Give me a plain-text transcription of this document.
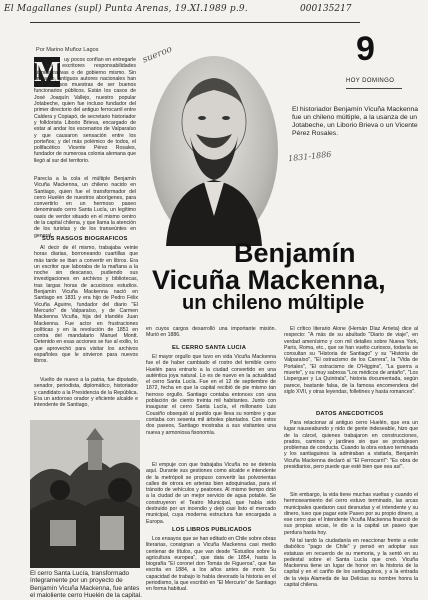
El Magallanes (supl) Punta Arenas, 19.XI.1989 p.9.	000135217
Por Marino Muñoz Lagos	9
HOY DOMINGO
M uy pocos confían en entregarle a los escritores responsabilidades administrativas o de gobierno mismo. Sin embargo, antiguos autores nacionales han sido famosos muestras de ser buenos funcionarios públicos. Están los casos de José Joaquín Vallejo, nuestro popular Jotabeche, quien fue incluso fundador del primer directorio del antiguo ferrocarril entre Caldera y Copiapó, de secretario historiador y folklorista Liborio Brieva, encargado de estar al andar los escenarios de Valparaíso y que causaron sensación entre los porteños; y del más polémico de todos, el polifacético Vicente Pérez Rosales, fundador de numerosa colonia alemana que llegó al sur del territorio.
Parecía a la cola el múltiple Benjamín Vicuña Mackenna, un chileno nacido en Santiago, quien fue el transformador del cerro Huelén de nuestros aborígenes, para convertirlo en un hermoso paseo denominado cerro Santa Lucía, un legítimo oasis de verdor situado en el mismo centro de la capital chilena, y que llama la atención de los turistas y de los transeúntes en general.
sueroo
1831-1886
El historiador Benjamín Vicuña Mackenna fue un chileno múltiple, a la usanza de un Jotabeche, un Liborio Brieva o un Vicente Pérez Rosales.
Benjamín
Vicuña Mackenna,
un chileno múltiple
SUS RASGOS BIOGRAFICOS
Al decir de él mismo, trabajaba veinte horas diarias, borroneando cuartillas que más tarde se iban a convertir en libros. Era un escritor que laboraba de la mañana a la noche sin descanso, pudiendo sus investigaciones en archivos y bibliotecas, tras largas horas de acuciosos estudios. Benjamín Vicuña Mackenna nació en Santiago en 1831 y era hijo de Pedro Félix Vicuña Aguirre, fundador del diario "El Mercurio" de Valparaíso, y de Carmen Mackenna Vicuña, hija del irlandés Juan Mackenna. Fue actor en frustraciones políticas y en la revolución de 1851 en contra del mandatario Manuel Montt. Detenido en esas acciones se fue al exilio, lo que aprovechó para visitar los archivos españoles que le sirvieron para nuevos libros.
Vuelto de nuevo a la patria, fue diputado, senador, periodista, diplomático, historiador y candidato a la Presidencia de la República. Era un ardoroso orador y eficiente alcalde e intendente de Santiago,
El cerro Santa Lucía, transformado íntegramente por un proyecto de Benjamín Vicuña Mackenna, fue antes el maloliente cerro Huelén de la capital.
en cuyos cargos desarrolló una importante misión. Murió en 1886.
EL CERRO SANTA LUCIA
El mayor orgullo que tuvo en vida Vicuña Mackenna fue el de haber cambiado el rostro del temible cerro Huelén para entrarlo a la ciudad convertido en una auténtica joya natural. Lo es de nuevo en la actualidad el cerro Santa Lucía. Fue en el 12 de septiembre de 1872, fecha en que la capital recibió de pie mismo tan herroso orgullo. Santiago contaba entonces con una población de ciento treinta mil habitantes. Junto con inaugurar el cerro Santa Lucía, el millonario Luis Cousiño obsequió al pueblo que lleva su nombre y que contaba con sesenta mil árboles plantados. Con estos dos paseos, Santiago mostraba a sus visitantes una nueva y armoniosa fisonomía.
El empuje con que trabajaba Vicuña no se detenía aquí. Durante sus gestiones como alcalde e intendente de la metrópoli se propuso convertir las polvorientas calles de otrora en arterias bien adoquinadas, para el tránsito de vehículos y peatones. Al mismo tiempo dotó a la ciudad de un mejor servicio de agua potable. Se construyeron el Teatro Municipal, que había sido destruido por un incendio y dejó casi listo el mercado municipal, cuya moderna estructura fue encargada a Europa.
LOS LIBROS PUBLICADOS
Los ensayos que se han editado en Chile sobre obras literarias, consignan a Vicuña Mackenna casi medio centenar de títulos, que van desde "Estudios sobre la agricultura europea", que data de 1854, hasta la biografía "El coronel don Tomás de Figueroa", que fue escrita en 1884, a los años antes de morir. Su capacidad de trabajo lo había devorado la historia en el periodismo, la que escribió en "El Mercurio" de Santiago en forma habitual.
El crítico literario Alone (Hernán Díaz Arrieta) dice al respecto: "A más de su abultado "Diario de viaje", en verdad amenísimo y con mil detalles sobre Nueva York, París, Roma, etc., que se han vuelto curiosos, todavía se consultan su "Historia de Santiago" y su "Historia de Valparaíso", "El ostracismo de los Carrera", la "Vida de Portales", "El ostracismo de O'Higgins", "La guerra a muerte", y su muy sabrosa "Los médicos de antaño", "Los Lisperguer y La Quintrala", historia documentada, según parece, bastante falsa, de la famosa encomendera del siglo XVII, y otras leyendas, folletines y hasta romances".
DATOS ANECDOTICOS
Para relacionar al antiguo cerro Huelén, que era un lugar nauseabundo y nido de gente indeseable, hizo que de la cárcel, quienes trabajaron en construcciones, prados, caminos y jardines sin que se produjesen problemas de conducta. Cuando la obra estuvo terminada y los santiaguinos la admiraban a visitarla, Benjamín Vicuña Mackenna declaró al "El Ferrocarril": "Es obra de presidiarios, pero puede que esté bien que sea así".
Sin embargo, la vida tiene muchas vueltas y cuando el hermoseamiento del cerro estuvo terminado, las arcas municipales quedaron casi desnudas y el intendente y su dinero, tuvo que pagar este Paseo por su propio dinero, a ese cerro que el Intendente Vicuña Mackenna financió de sus propias arcas, le dio a la capital un paseo que perdura hasta hoy.
Ni tal tardó la ciudadanía en reaccionar frente a este diabólico "pago de Chile" y pensó en adoptar sus estatuas en recuerdo de su memoria, y la sentó en su pedestal sobre el Santa Lucía que creó. Vicuña Mackenna tiene un lugar de honor en la historia de la capital y en el cariño de los santiaguinos, y a la entrada de la vieja Alameda de las Delicias su nombre honra la capital chilena.
